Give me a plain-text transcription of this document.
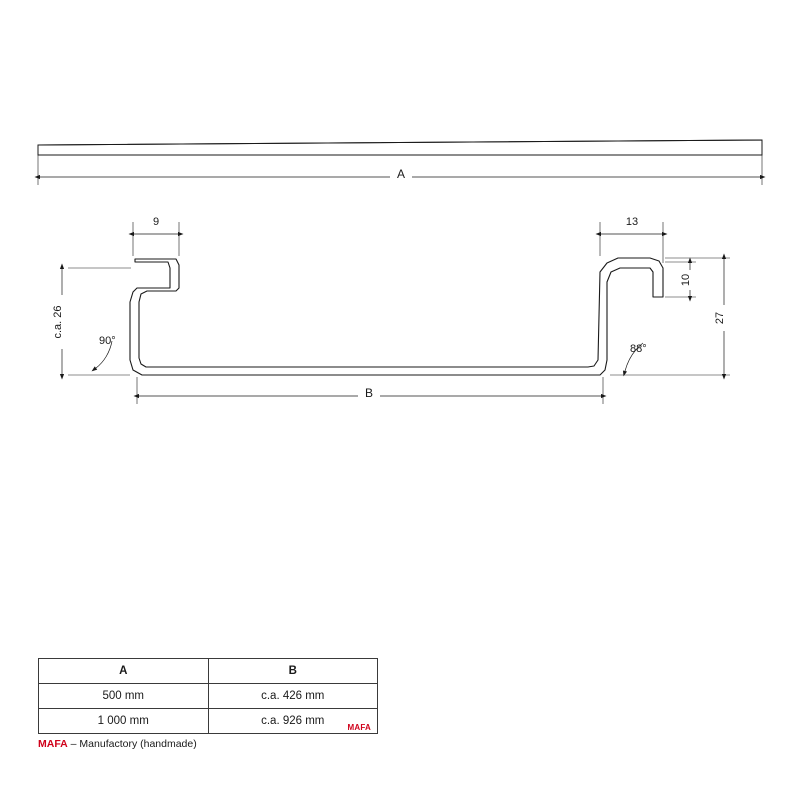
A
9	13
c.a. 26	27
10
B
90°
88°
A	B
500 mm	c.a. 426 mm
1 000 mm	c.a. 926 mm
MAFA
MAFA – Manufactory (handmade)
